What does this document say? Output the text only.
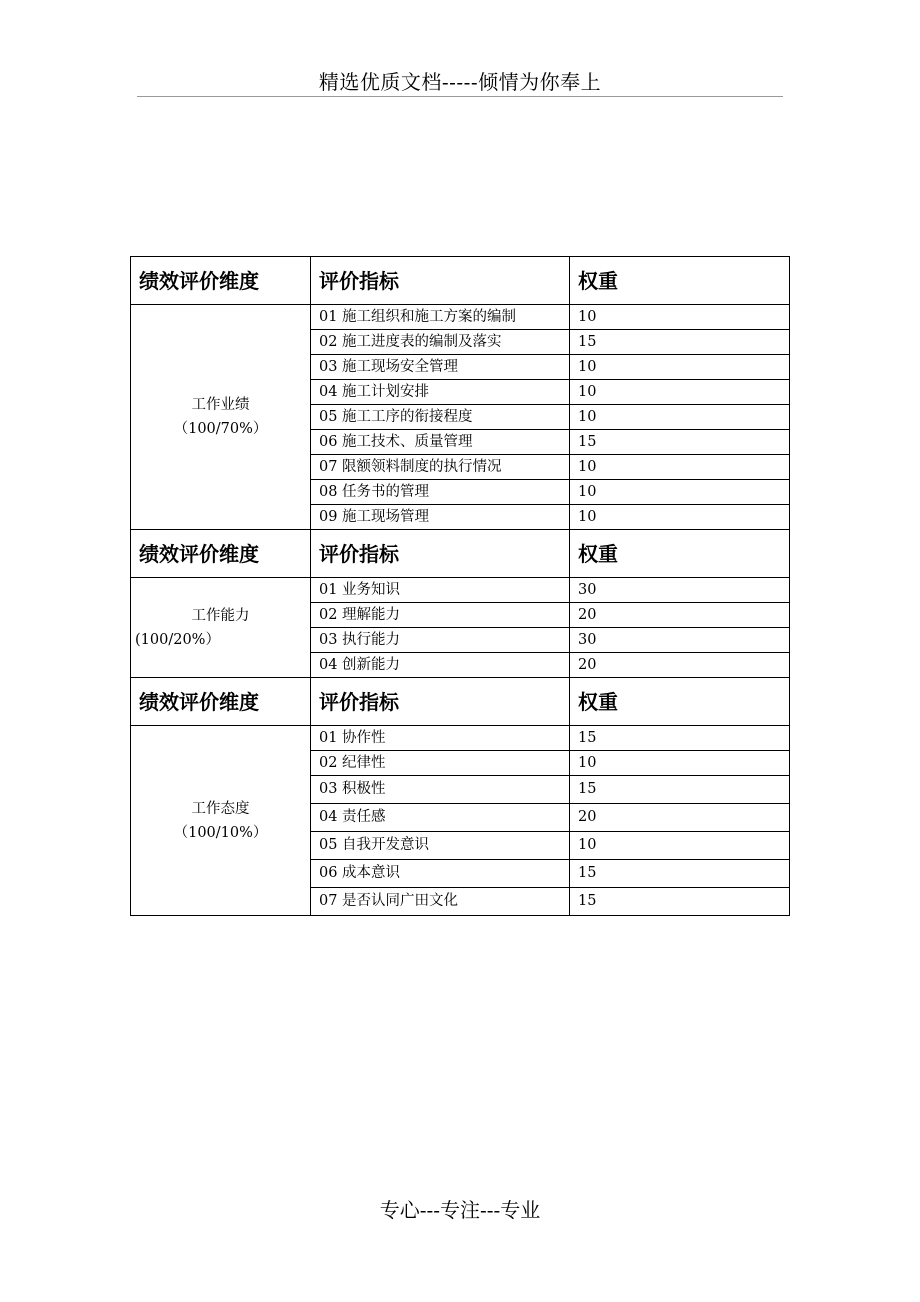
精选优质文档-----倾情为你奉上
绩效评价维度	评价指标	权重

工作业绩
（100/70%）	01 施工组织和施工方案的编制	10
	02 施工进度表的编制及落实	15
	03 施工现场安全管理	10
	04 施工计划安排	10
	05 施工工序的衔接程度	10
	06 施工技术、质量管理	15
	07 限额领料制度的执行情况	10
	08 任务书的管理	10
	09 施工现场管理	10
绩效评价维度	评价指标	权重

工作能力
(100/20%）	01 业务知识	30
	02 理解能力	20
	03 执行能力	30
	04 创新能力	20
绩效评价维度	评价指标	权重

工作态度
（100/10%）	01 协作性	15
	02 纪律性	10
	03 积极性	15
	04 责任感	20
	05 自我开发意识	10
	06 成本意识	15
	07 是否认同广田文化	15
专心---专注---专业
